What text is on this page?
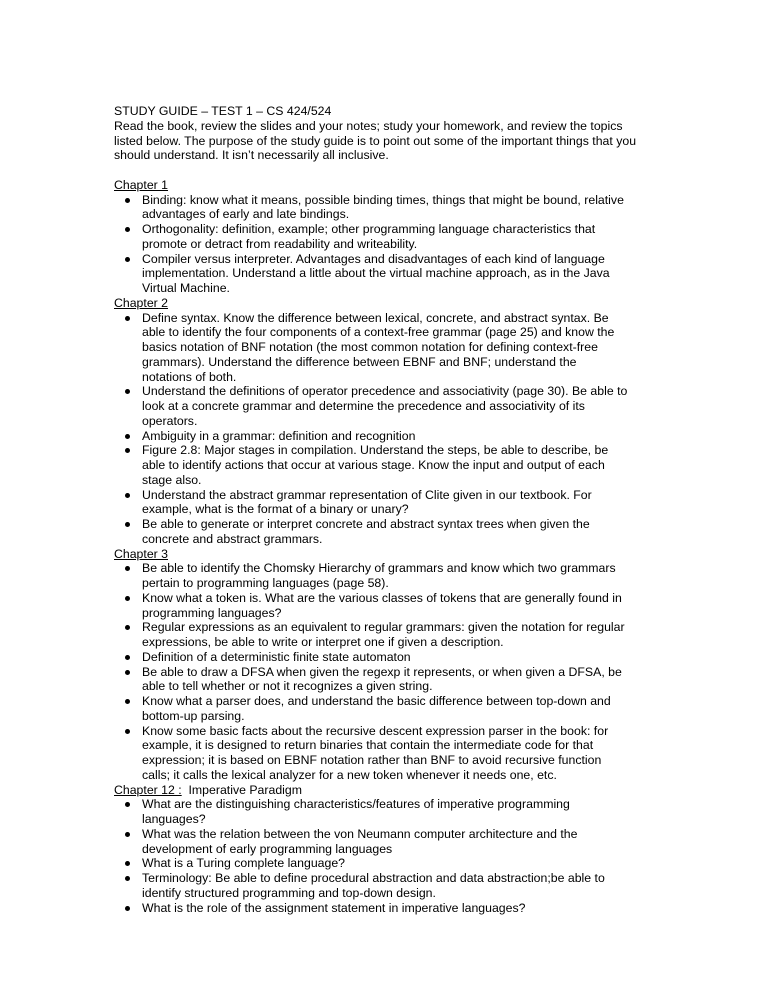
STUDY GUIDE – TEST 1 – CS 424/524
Read the book, review the slides and your notes; study your homework, and review the topics
listed below. The purpose of the study guide is to point out some of the important things that you
should understand. It isn’t necessarily all inclusive.
Chapter 1
Binding: know what it means, possible binding times, things that might be bound, relative
advantages of early and late bindings.
Orthogonality: definition, example; other programming language characteristics that
promote or detract from readability and writeability.
Compiler versus interpreter. Advantages and disadvantages of each kind of language
implementation. Understand a little about the virtual machine approach, as in the Java
Virtual Machine.
Chapter 2
Define syntax. Know the difference between lexical, concrete, and abstract syntax. Be
able to identify the four components of a context-free grammar (page 25) and know the
basics notation of BNF notation (the most common notation for defining context-free
grammars). Understand the difference between EBNF and BNF; understand the
notations of both.
Understand the definitions of operator precedence and associativity (page 30). Be able to
look at a concrete grammar and determine the precedence and associativity of its
operators.
Ambiguity in a grammar: definition and recognition
Figure 2.8: Major stages in compilation. Understand the steps, be able to describe, be
able to identify actions that occur at various stage. Know the input and output of each
stage also.
Understand the abstract grammar representation of Clite given in our textbook. For
example, what is the format of a binary or unary?
Be able to generate or interpret concrete and abstract syntax trees when given the
concrete and abstract grammars.
Chapter 3
Be able to identify the Chomsky Hierarchy of grammars and know which two grammars
pertain to programming languages (page 58).
Know what a token is. What are the various classes of tokens that are generally found in
programming languages?
Regular expressions as an equivalent to regular grammars: given the notation for regular
expressions, be able to write or interpret one if given a description.
Definition of a deterministic finite state automaton
Be able to draw a DFSA when given the regexp it represents, or when given a DFSA, be
able to tell whether or not it recognizes a given string.
Know what a parser does, and understand the basic difference between top-down and
bottom-up parsing.
Know some basic facts about the recursive descent expression parser in the book: for
example, it is designed to return binaries that contain the intermediate code for that
expression; it is based on EBNF notation rather than BNF to avoid recursive function
calls; it calls the lexical analyzer for a new token whenever it needs one, etc.
Chapter 12 :  Imperative Paradigm
What are the distinguishing characteristics/features of imperative programming
languages?
What was the relation between the von Neumann computer architecture and the
development of early programming languages
What is a Turing complete language?
Terminology: Be able to define procedural abstraction and data abstraction;be able to
identify structured programming and top-down design.
What is the role of the assignment statement in imperative languages?
